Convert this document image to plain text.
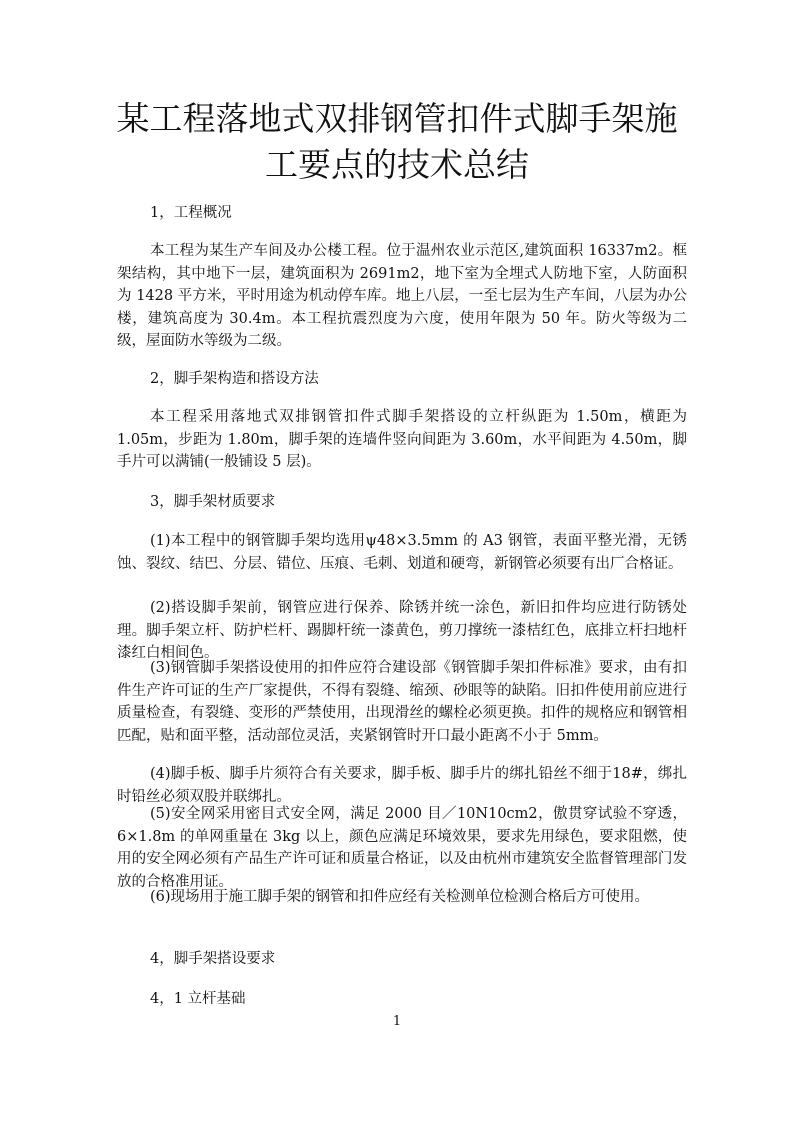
某工程落地式双排钢管扣件式脚手架施
工要点的技术总结
1，工程概况
本工程为某生产车间及办公楼工程。位于温州农业示范区,建筑面积 16337m2。框架结构，其中地下一层，建筑面积为 2691m2，地下室为全埋式人防地下室，人防面积为 1428 平方米，平时用途为机动停车库。地上八层，一至七层为生产车间，八层为办公楼，建筑高度为 30.4m。本工程抗震烈度为六度，使用年限为 50 年。防火等级为二级，屋面防水等级为二级。
2，脚手架构造和搭设方法
本工程采用落地式双排钢管扣件式脚手架搭设的立杆纵距为 1.50m，横距为 1.05m，步距为 1.80m，脚手架的连墙件竖向间距为 3.60m，水平间距为 4.50m，脚手片可以满铺(一般铺设 5 层)。
3，脚手架材质要求
(1)本工程中的钢管脚手架均选用ψ48×3.5mm 的 A3 钢管，表面平整光滑，无锈蚀、裂纹、结巴、分层、错位、压痕、毛刺、划道和硬弯，新钢管必须要有出厂合格证。
(2)搭设脚手架前，钢管应进行保养、除锈并统一涂色，新旧扣件均应进行防锈处理。脚手架立杆、防护栏杆、踢脚杆统一漆黄色，剪刀撑统一漆桔红色，底排立杆扫地杆漆红白相间色。
(3)钢管脚手架搭设使用的扣件应符合建设部《钢管脚手架扣件标准》要求，由有扣件生产许可证的生产厂家提供，不得有裂缝、缩颈、砂眼等的缺陷。旧扣件使用前应进行质量检查，有裂缝、变形的严禁使用，出现滑丝的螺栓必须更换。扣件的规格应和钢管相匹配，贴和面平整，活动部位灵活，夹紧钢管时开口最小距离不小于 5mm。
(4)脚手板、脚手片须符合有关要求，脚手板、脚手片的绑扎铅丝不细于18#，绑扎时铅丝必须双股并联绑扎。
(5)安全网采用密目式安全网，满足 2000 目／10N10cm2，傲贯穿试验不穿透，6×1.8m 的单网重量在 3kg 以上，颜色应满足环境效果，要求先用绿色，要求阻燃，使用的安全网必须有产品生产许可证和质量合格证，以及由杭州市建筑安全监督管理部门发放的合格准用证。
(6)现场用于施工脚手架的钢管和扣件应经有关检测单位检测合格后方可使用。
4，脚手架搭设要求
4，1 立杆基础
1
